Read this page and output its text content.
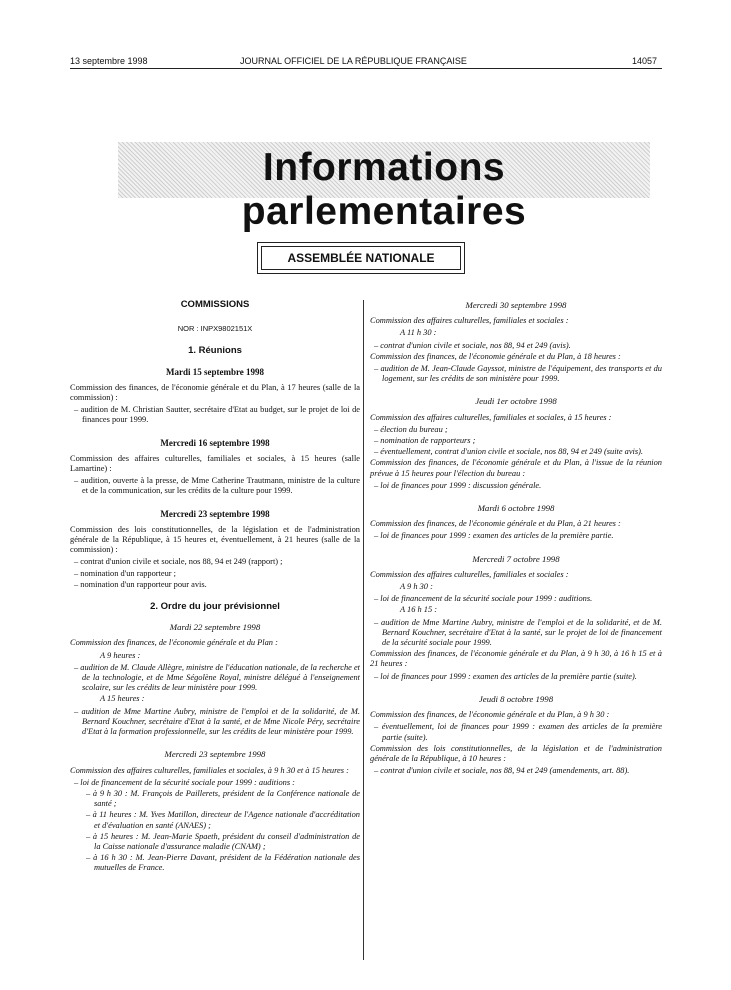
13 septembre 1998	JOURNAL OFFICIEL DE LA RÉPUBLIQUE FRANÇAISE	14057
Informations parlementaires
ASSEMBLÉE NATIONALE
COMMISSIONS
NOR : INPX9802151X
1. Réunions
Mardi 15 septembre 1998
Commission des finances, de l'économie générale et du Plan, à 17 heures (salle de la commission) :
– audition de M. Christian Sautter, secrétaire d'Etat au budget, sur le projet de loi de finances pour 1999.
Mercredi 16 septembre 1998
Commission des affaires culturelles, familiales et sociales, à 15 heures (salle Lamartine) :
– audition, ouverte à la presse, de Mme Catherine Trautmann, ministre de la culture et de la communication, sur les crédits de la culture pour 1999.
Mercredi 23 septembre 1998
Commission des lois constitutionnelles, de la législation et de l'administration générale de la République, à 15 heures et, éventuellement, à 21 heures (salle de la commission) :
– contrat d'union civile et sociale, nos 88, 94 et 249 (rapport) ;
– nomination d'un rapporteur ;
– nomination d'un rapporteur pour avis.
2. Ordre du jour prévisionnel
Mardi 22 septembre 1998
Commission des finances, de l'économie générale et du Plan :
A 9 heures :
– audition de M. Claude Allègre, ministre de l'éducation nationale, de la recherche et de la technologie, et de Mme Ségolène Royal, ministre délégué à l'enseignement scolaire, sur les crédits de leur ministère pour 1999.
A 15 heures :
– audition de Mme Martine Aubry, ministre de l'emploi et de la solidarité, de M. Bernard Kouchner, secrétaire d'Etat à la santé, et de Mme Nicole Péry, secrétaire d'Etat à la formation professionnelle, sur les crédits de leur ministère pour 1999.
Mercredi 23 septembre 1998
Commission des affaires culturelles, familiales et sociales, à 9 h 30 et à 15 heures :
– loi de financement de la sécurité sociale pour 1999 : auditions :
– à 9 h 30 : M. François de Paillerets, président de la Conférence nationale de santé ;
– à 11 heures : M. Yves Matillon, directeur de l'Agence nationale d'accréditation et d'évaluation en santé (ANAES) ;
– à 15 heures : M. Jean-Marie Spaeth, président du conseil d'administration de la Caisse nationale d'assurance maladie (CNAM) ;
– à 16 h 30 : M. Jean-Pierre Davant, président de la Fédération nationale des mutuelles de France.
Mercredi 30 septembre 1998
Commission des affaires culturelles, familiales et sociales :
A 11 h 30 :
– contrat d'union civile et sociale, nos 88, 94 et 249 (avis).
Commission des finances, de l'économie générale et du Plan, à 18 heures :
– audition de M. Jean-Claude Gayssot, ministre de l'équipement, des transports et du logement, sur les crédits de son ministère pour 1999.
Jeudi 1er octobre 1998
Commission des affaires culturelles, familiales et sociales, à 15 heures :
– élection du bureau ;
– nomination de rapporteurs ;
– éventuellement, contrat d'union civile et sociale, nos 88, 94 et 249 (suite avis).
Commission des finances, de l'économie générale et du Plan, à l'issue de la réunion prévue à 15 heures pour l'élection du bureau :
– loi de finances pour 1999 : discussion générale.
Mardi 6 octobre 1998
Commission des finances, de l'économie générale et du Plan, à 21 heures :
– loi de finances pour 1999 : examen des articles de la première partie.
Mercredi 7 octobre 1998
Commission des affaires culturelles, familiales et sociales :
A 9 h 30 :
– loi de financement de la sécurité sociale pour 1999 : auditions.
A 16 h 15 :
– audition de Mme Martine Aubry, ministre de l'emploi et de la solidarité, et de M. Bernard Kouchner, secrétaire d'Etat à la santé, sur le projet de loi de financement de la sécurité sociale pour 1999.
Commission des finances, de l'économie générale et du Plan, à 9 h 30, à 16 h 15 et à 21 heures :
– loi de finances pour 1999 : examen des articles de la première partie (suite).
Jeudi 8 octobre 1998
Commission des finances, de l'économie générale et du Plan, à 9 h 30 :
– éventuellement, loi de finances pour 1999 : examen des articles de la première partie (suite).
Commission des lois constitutionnelles, de la législation et de l'administration générale de la République, à 10 heures :
– contrat d'union civile et sociale, nos 88, 94 et 249 (amendements, art. 88).
